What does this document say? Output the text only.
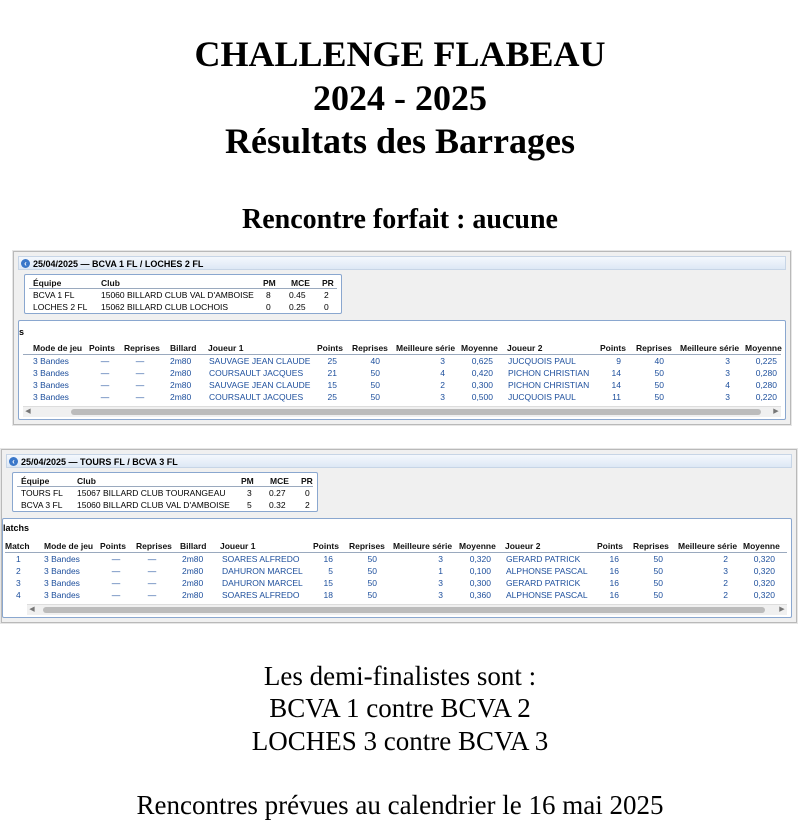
CHALLENGE FLABEAU
2024 - 2025
Résultats des Barrages
Rencontre forfait : aucune
‹ 25/04/2025 — BCVA 1 FL / LOCHES 2 FL
Équipe	Club	PM MCE PR
BCVA 1 FL	15060 BILLARD CLUB VAL D'AMBOISE 8 0.45 2
LOCHES 2 FL 15062 BILLARD CLUB LOCHOIS	0 0.25 0
s
Mode de jeu Points Reprises Billard Joueur 1	Points Reprises Meilleure série Moyenne Joueur 2	Points Reprises Meilleure série Moyenne
3 Bandes	—	—	2m80 SAUVAGE JEAN CLAUDE	25	40	3	0,625 JUCQUOIS PAUL	9	40	3	0,225
3 Bandes	—	—	2m80 COURSAULT JACQUES	21	50	4	0,420 PICHON CHRISTIAN	14	50	3	0,280
3 Bandes	—	—	2m80 SAUVAGE JEAN CLAUDE	15	50	2	0,300 PICHON CHRISTIAN	14	50	4	0,280
3 Bandes	—	—	2m80 COURSAULT JACQUES	25	50	3	0,500 JUCQUOIS PAUL	11	50	3	0,220
◀	▶
‹ 25/04/2025 — TOURS FL / BCVA 3 FL
Équipe	Club	PM MCE PR
TOURS FL 15067 BILLARD CLUB TOURANGEAU	3 0.27 0
BCVA 3 FL 15060 BILLARD CLUB VAL D'AMBOISE 5 0.32 2
latchs
Match Mode de jeu Points Reprises Billard Joueur 1	Points Reprises Meilleure série Moyenne Joueur 2	Points Reprises Meilleure série Moyenne
1	3 Bandes	—	—	2m80 SOARES ALFREDO	16	50	3	0,320 GERARD PATRICK	16	50	2	0,320
2	3 Bandes	—	—	2m80 DAHURON MARCEL	5	50	1	0,100 ALPHONSE PASCAL	16	50	3	0,320
3	3 Bandes	—	—	2m80 DAHURON MARCEL	15	50	3	0,300 GERARD PATRICK	16	50	2	0,320
4	3 Bandes	—	—	2m80 SOARES ALFREDO	18	50	3	0,360 ALPHONSE PASCAL	16	50	2	0,320
◀	▶
Les demi-finalistes sont :
BCVA 1 contre BCVA 2
LOCHES 3 contre BCVA 3
Rencontres prévues au calendrier le 16 mai 2025
